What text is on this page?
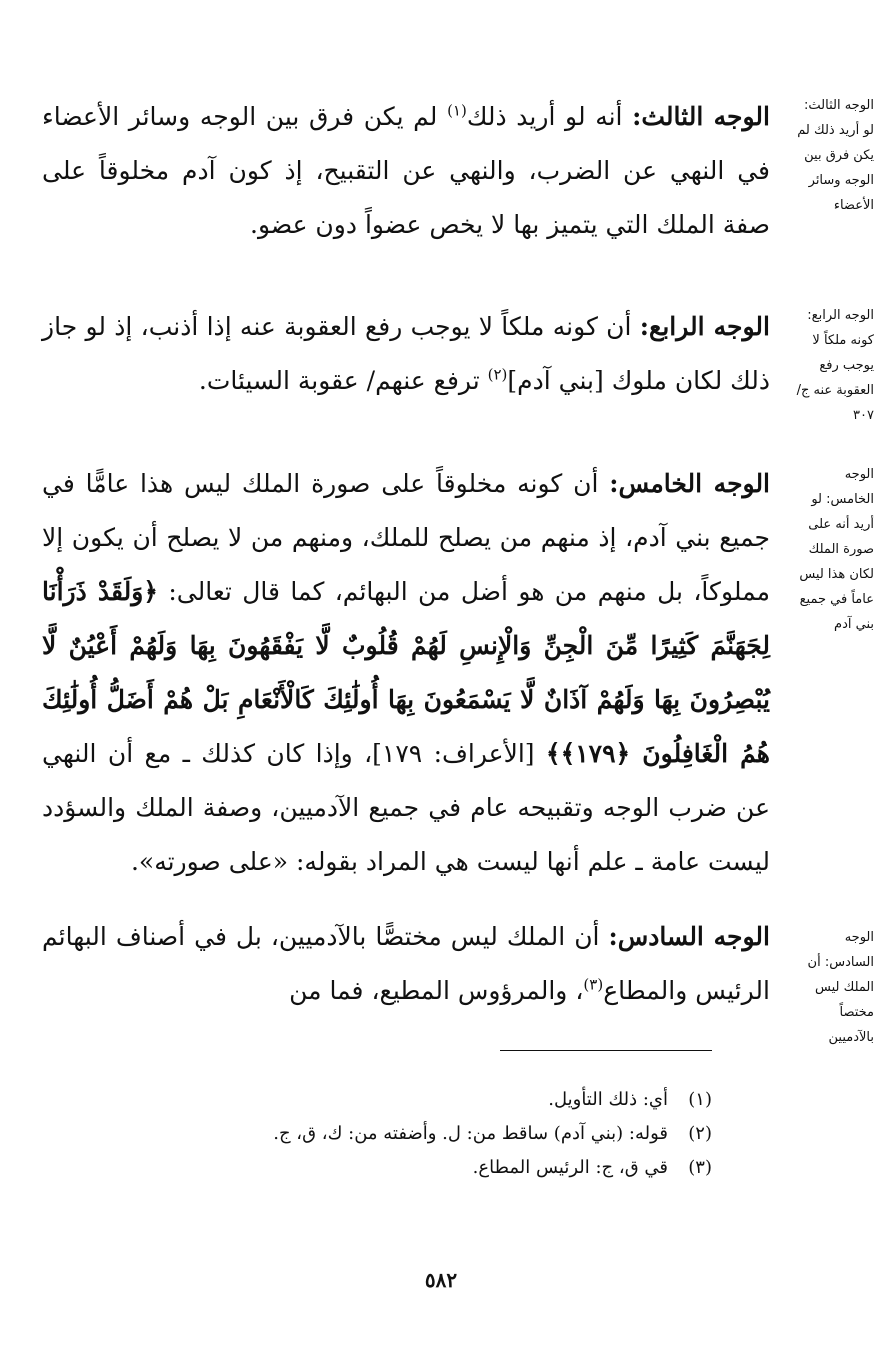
الوجه الثالث: لو أريد ذلك لم يكن فرق بين الوجه وسائر الأعضاء
الوجه الرابع: كونه ملكاً لا يوجب رفع العقوبة عنه ج/٣٠٧
الوجه الخامس: لو أريد أنه على صورة الملك لكان هذا ليس عاماً في جميع بني آدم
الوجه السادس: أن الملك ليس مختصاً بالآدميين

الوجه الثالث: أنه لو أريد ذلك$^{(١)}$ لم يكن فرق بين الوجه وسائر الأعضاء في النهي عن الضرب، والنهي عن التقبيح، إذ كون آدم مخلوقاً على صفة الملك التي يتميز بها لا يخص عضواً دون عضو.

الوجه الرابع: أن كونه ملكاً لا يوجب رفع العقوبة عنه إذا أذنب، إذ لو جاز ذلك لكان ملوك [بني آدم]$^{(٢)}$ ترفع عنهم/ عقوبة السيئات.

الوجه الخامس: أن كونه مخلوقاً على صورة الملك ليس هذا عامًّا في جميع بني آدم، إذ منهم من يصلح للملك، ومنهم من لا يصلح أن يكون إلا مملوكاً، بل منهم من هو أضل من البهائم، كما قال تعالى: ﴿وَلَقَدْ ذَرَأْنَا لِجَهَنَّمَ كَثِيرًا مِّنَ الْجِنِّ وَالْإِنسِ لَهُمْ قُلُوبٌ لَّا يَفْقَهُونَ بِهَا وَلَهُمْ أَعْيُنٌ لَّا يُبْصِرُونَ بِهَا وَلَهُمْ آذَانٌ لَّا يَسْمَعُونَ بِهَا أُولَٰئِكَ كَالْأَنْعَامِ بَلْ هُمْ أَضَلُّ أُولَٰئِكَ هُمُ الْغَافِلُونَ ﴿١٧٩﴾﴾ [الأعراف: ١٧٩]، وإذا كان كذلك ـ مع أن النهي عن ضرب الوجه وتقبيحه عام في جميع الآدميين، وصفة الملك والسؤدد ليست عامة ـ علم أنها ليست هي المراد بقوله: «على صورته».

الوجه السادس: أن الملك ليس مختصًّا بالآدميين، بل في أصناف البهائم الرئيس والمطاع$^{(٣)}$، والمرؤوس المطيع، فما من

(١)
أي: ذلك التأويل.
(٢)
قوله: (بني آدم) ساقط من: ل. وأضفته من: ك، ق، ج.
(٣)
قي ق، ج: الرئيس المطاع.
٥٨٢
